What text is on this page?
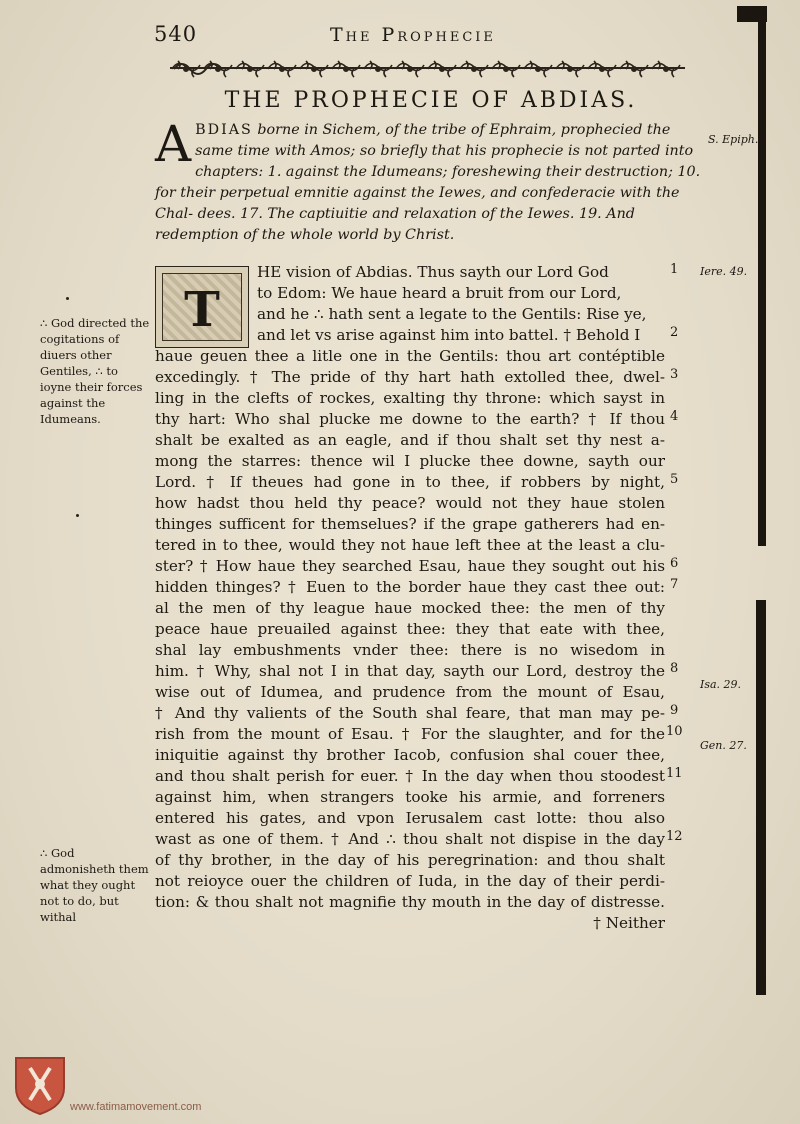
540	The Prophecie
THE PROPHECIE OF ABDIAS.
A BDIAS borne in Sichem, of the tribe of Ephraim, prophecied the same time with Amos; so briefly that his prophecie is not parted into chapters: 1. against the Idumeans; foreshewing their destruction; 10. for their perpetual emnitie against the Iewes, and confederacie with the Chal- dees. 17. The captiuitie and relaxation of the Iewes. 19. And redemption of the whole world by Christ.
S. Epiph.
T
HE vision of Abdias. Thus sayth our Lord God
to Edom: We haue heard a bruit from our Lord,
and he ∴ hath sent a legate to the Gentils: Rise ye,
and let vs arise against him into battel. † Behold I
haue geuen thee a litle one in the Gentils: thou art contéptible
excedingly. † The pride of thy hart hath extolled thee, dwel-
ling in the clefts of rockes, exalting thy throne: which sayst in
thy hart: Who shal plucke me downe to the earth? † If thou
shalt be exalted as an eagle, and if thou shalt set thy nest a-
mong the starres: thence wil I plucke thee downe, sayth our
Lord. † If theues had gone in to thee, if robbers by night,
how hadst thou held thy peace? would not they haue stolen
thinges sufficent for themselues? if the grape gatherers had en-
tered in to thee, would they not haue left thee at the least a clu-
ster? † How haue they searched Esau, haue they sought out his
hidden thinges? † Euen to the border haue they cast thee out:
al the men of thy league haue mocked thee: the men of thy
peace haue preuailed against thee: they that eate with thee,
shal lay embushments vnder thee: there is no wisedom in
him. † Why, shal not I in that day, sayth our Lord, destroy the
wise out of Idumea, and prudence from the mount of Esau,
† And thy valients of the South shal feare, that man may pe-
rish from the mount of Esau. † For the slaughter, and for the
iniquitie against thy brother Iacob, confusion shal couer thee,
and thou shalt perish for euer. † In the day when thou stoodest
against him, when strangers tooke his armie, and forreners
entered his gates, and vpon Ierusalem cast lotte: thou also
wast as one of them. † And ∴ thou shalt not dispise in the day
of thy brother, in the day of his peregrination: and thou shalt
not reioyce ouer the children of Iuda, in the day of their perdi-
tion: & thou shalt not magnifie thy mouth in the day of distresse.
† Neither
1
2
3
4
5
6
7
8
9
10
11
12
Iere. 49.
Isa. 29.
Gen. 27.
∴ God directed the cogitations of diuers other Gentiles, ∴ to ioyne their forces against the Idumeans.
∴ God admonisheth them what they ought not to do, but withal
www.fatimamovement.com
